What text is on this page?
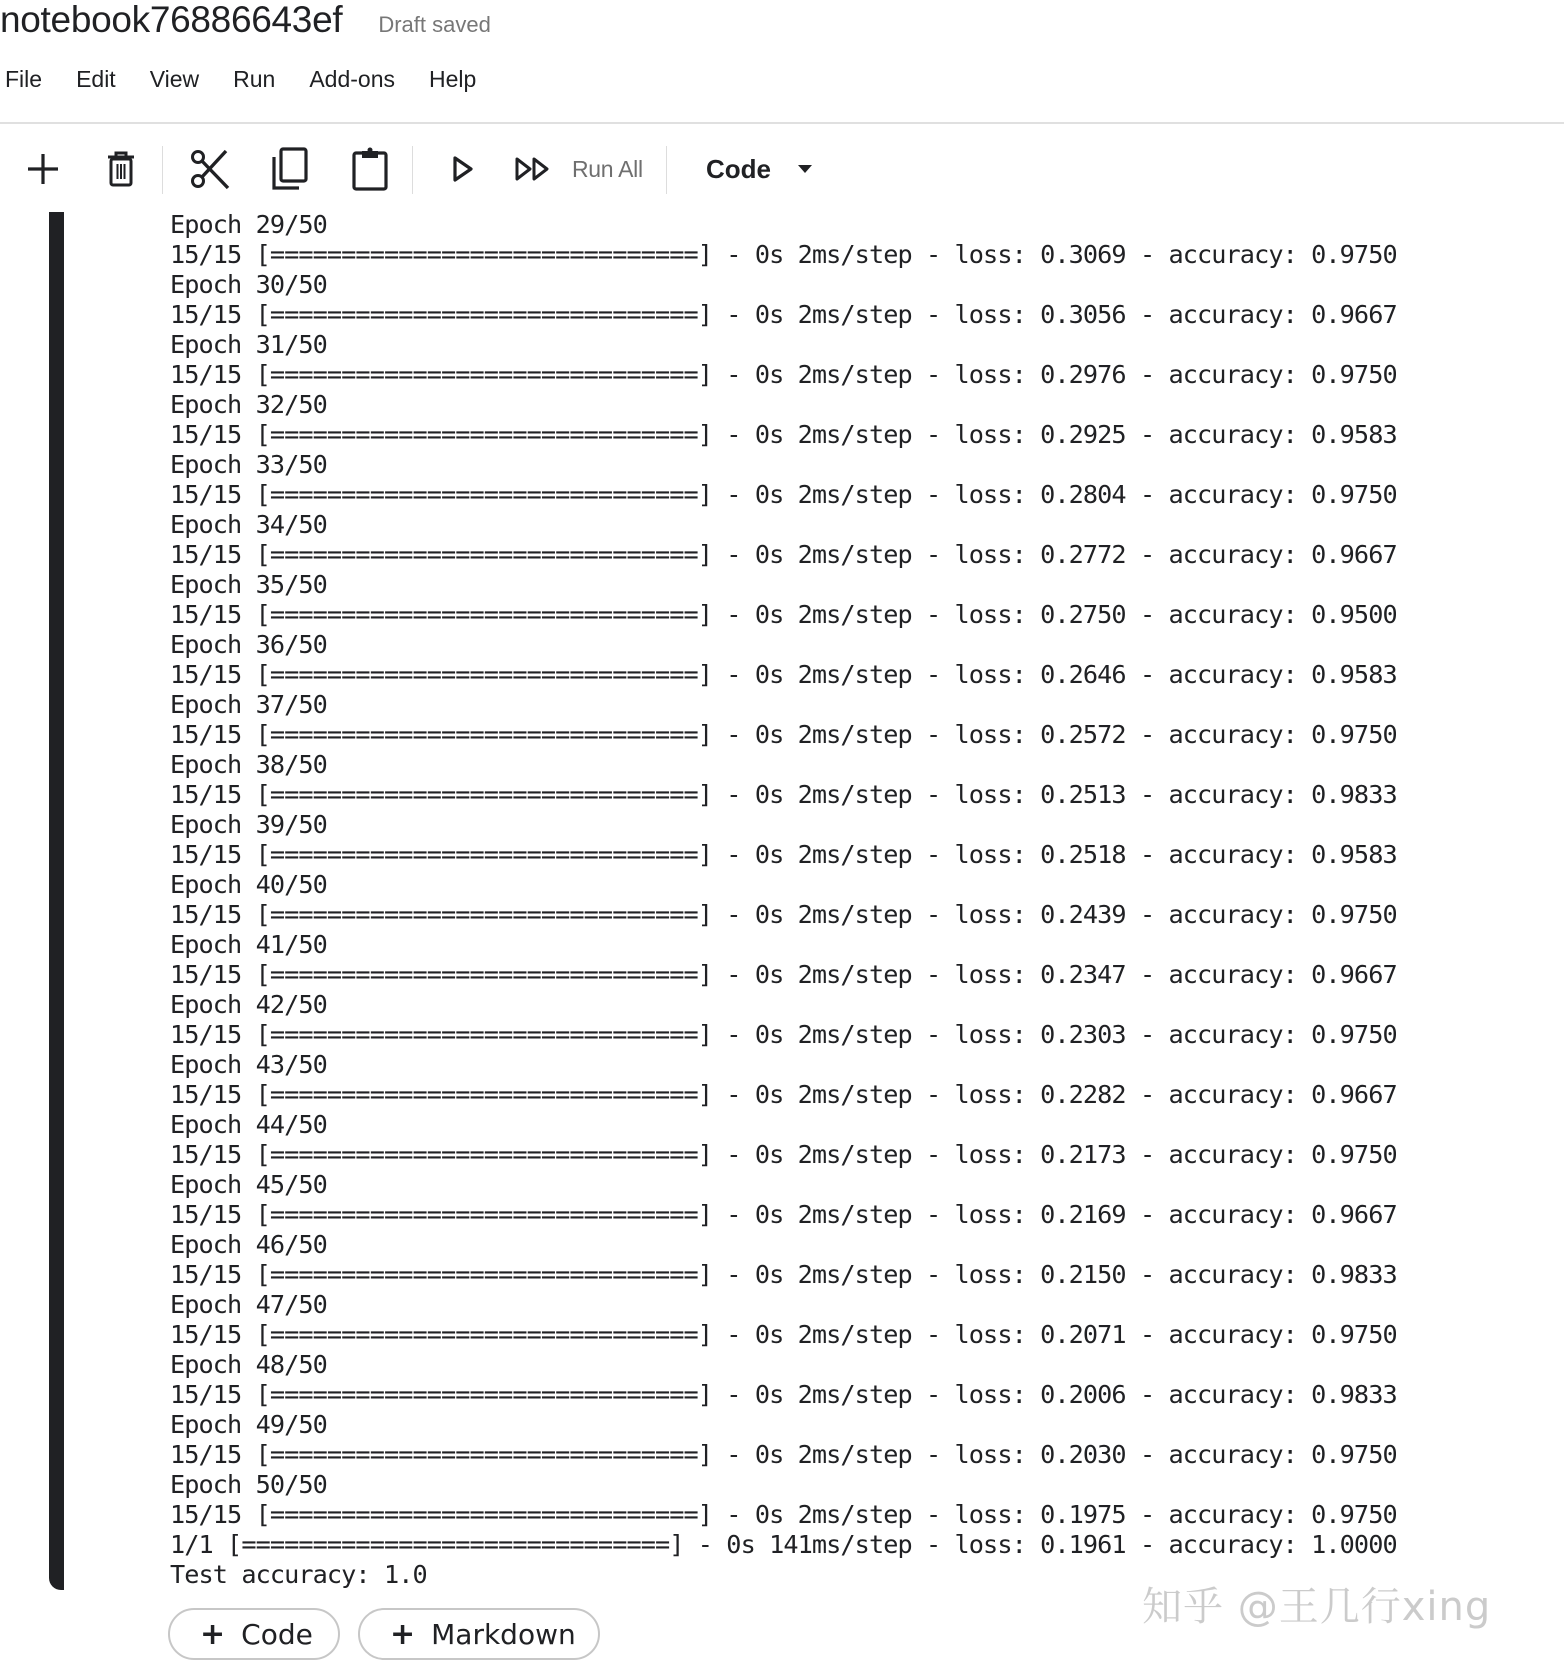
notebook76886643ef Draft saved
File Edit View Run Add-ons Help
Run All Code
Epoch 29/50
15/15 [==============================] - 0s 2ms/step - loss: 0.3069 - accuracy: 0.9750
Epoch 30/50
15/15 [==============================] - 0s 2ms/step - loss: 0.3056 - accuracy: 0.9667
Epoch 31/50
15/15 [==============================] - 0s 2ms/step - loss: 0.2976 - accuracy: 0.9750
Epoch 32/50
15/15 [==============================] - 0s 2ms/step - loss: 0.2925 - accuracy: 0.9583
Epoch 33/50
15/15 [==============================] - 0s 2ms/step - loss: 0.2804 - accuracy: 0.9750
Epoch 34/50
15/15 [==============================] - 0s 2ms/step - loss: 0.2772 - accuracy: 0.9667
Epoch 35/50
15/15 [==============================] - 0s 2ms/step - loss: 0.2750 - accuracy: 0.9500
Epoch 36/50
15/15 [==============================] - 0s 2ms/step - loss: 0.2646 - accuracy: 0.9583
Epoch 37/50
15/15 [==============================] - 0s 2ms/step - loss: 0.2572 - accuracy: 0.9750
Epoch 38/50
15/15 [==============================] - 0s 2ms/step - loss: 0.2513 - accuracy: 0.9833
Epoch 39/50
15/15 [==============================] - 0s 2ms/step - loss: 0.2518 - accuracy: 0.9583
Epoch 40/50
15/15 [==============================] - 0s 2ms/step - loss: 0.2439 - accuracy: 0.9750
Epoch 41/50
15/15 [==============================] - 0s 2ms/step - loss: 0.2347 - accuracy: 0.9667
Epoch 42/50
15/15 [==============================] - 0s 2ms/step - loss: 0.2303 - accuracy: 0.9750
Epoch 43/50
15/15 [==============================] - 0s 2ms/step - loss: 0.2282 - accuracy: 0.9667
Epoch 44/50
15/15 [==============================] - 0s 2ms/step - loss: 0.2173 - accuracy: 0.9750
Epoch 45/50
15/15 [==============================] - 0s 2ms/step - loss: 0.2169 - accuracy: 0.9667
Epoch 46/50
15/15 [==============================] - 0s 2ms/step - loss: 0.2150 - accuracy: 0.9833
Epoch 47/50
15/15 [==============================] - 0s 2ms/step - loss: 0.2071 - accuracy: 0.9750
Epoch 48/50
15/15 [==============================] - 0s 2ms/step - loss: 0.2006 - accuracy: 0.9833
Epoch 49/50
15/15 [==============================] - 0s 2ms/step - loss: 0.2030 - accuracy: 0.9750
Epoch 50/50
15/15 [==============================] - 0s 2ms/step - loss: 0.1975 - accuracy: 0.9750
1/1 [==============================] - 0s 141ms/step - loss: 0.1961 - accuracy: 1.0000
Test accuracy: 1.0
+ Code	+ Markdown
知乎 @王几行xing
